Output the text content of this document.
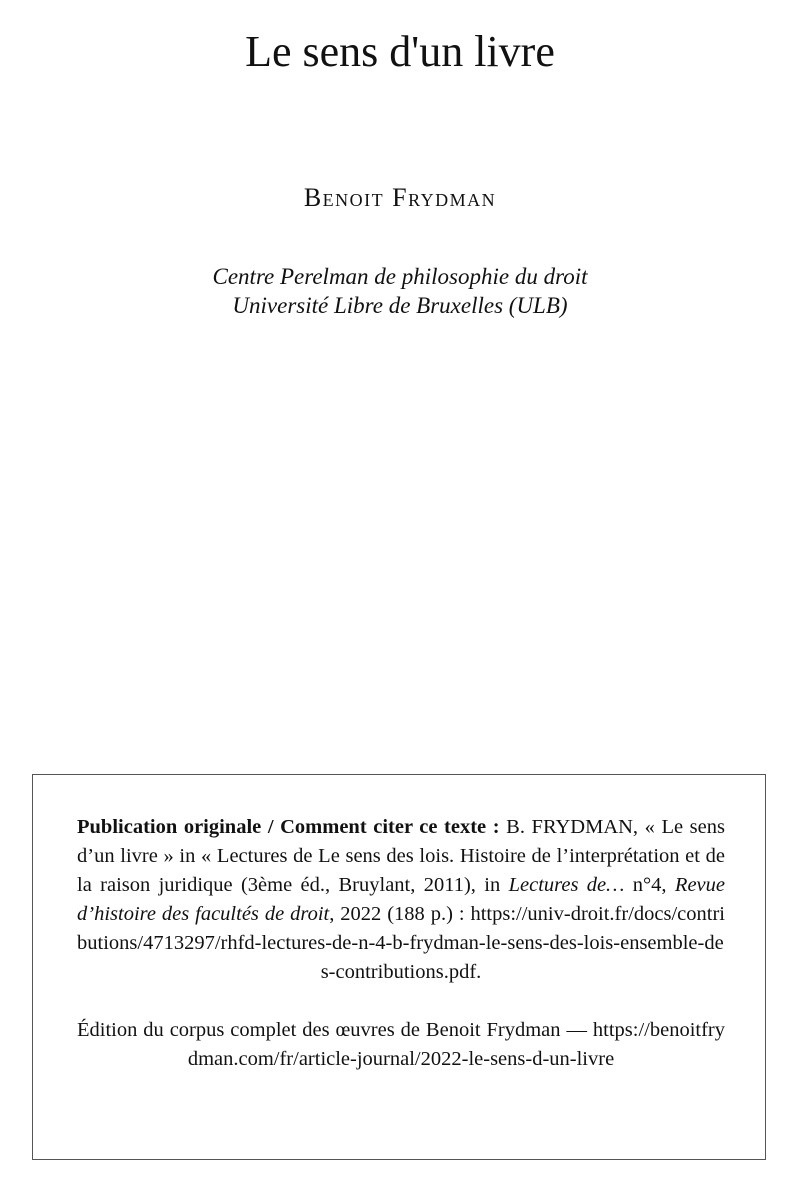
Le sens d'un livre
Benoit Frydman
Centre Perelman de philosophie du droit
Université Libre de Bruxelles (ULB)

Publication originale / Comment citer ce texte : B. FRYDMAN, « Le sens d’un livre » in « Lectures de Le sens des lois. Histoire de l’interprétation et de la raison juridique (3ème éd., Bruylant, 2011), in Lectures de… n°4, Revue d’histoire des facultés de droit, 2022 (188 p.) : https://univ-droit.fr/docs/contributions/4713297/rhfd-lectures-de-n-4-b-frydman-le-sens-des-lois-ensemble-des-contributions.pdf.

Édition du corpus complet des œuvres de Benoit Frydman — https://benoitfrydman.com/fr/article-journal/2022-le-sens-d-un-livre
